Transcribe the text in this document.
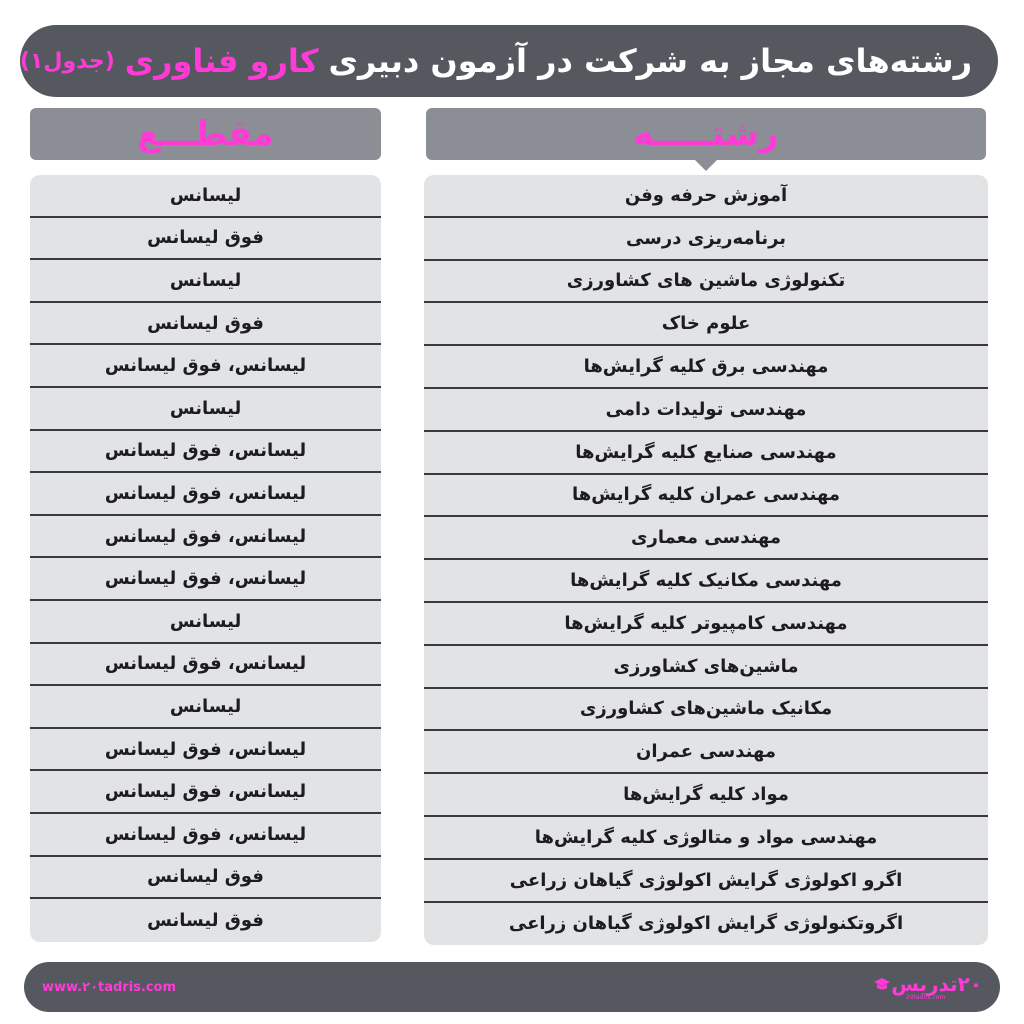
رشته‌های مجاز به شرکت در آزمون دبیری
کارو فناوری
(جدول۱)
رشتـــــه
مقطـــع
آموزش حرفه وفن
برنامه‌ریزی درسی
تکنولوژی ماشین های کشاورزی
علوم خاک
مهندسی برق کلیه گرایش‌ها
مهندسی تولیدات دامی
مهندسی صنایع کلیه گرایش‌ها
مهندسی عمران کلیه گرایش‌ها
مهندسی معماری
مهندسی مکانیک کلیه گرایش‌ها
مهندسی کامپیوتر کلیه گرایش‌ها
ماشین‌های کشاورزی
مکانیک ماشین‌های کشاورزی
مهندسی عمران
مواد کلیه گرایش‌ها
مهندسی مواد و متالوژی کلیه گرایش‌ها
اگرو اکولوژی گرایش اکولوژی گیاهان زراعی
اگروتکنولوژی گرایش اکولوژی گیاهان زراعی
لیسانس
فوق لیسانس
لیسانس
فوق لیسانس
لیسانس، فوق لیسانس
لیسانس
لیسانس، فوق لیسانس
لیسانس، فوق لیسانس
لیسانس، فوق لیسانس
لیسانس، فوق لیسانس
لیسانس
لیسانس، فوق لیسانس
لیسانس
لیسانس، فوق لیسانس
لیسانس، فوق لیسانس
لیسانس، فوق لیسانس
فوق لیسانس
فوق لیسانس
www.۲۰tadris.com	۲۰تدریس
20tadris.com
